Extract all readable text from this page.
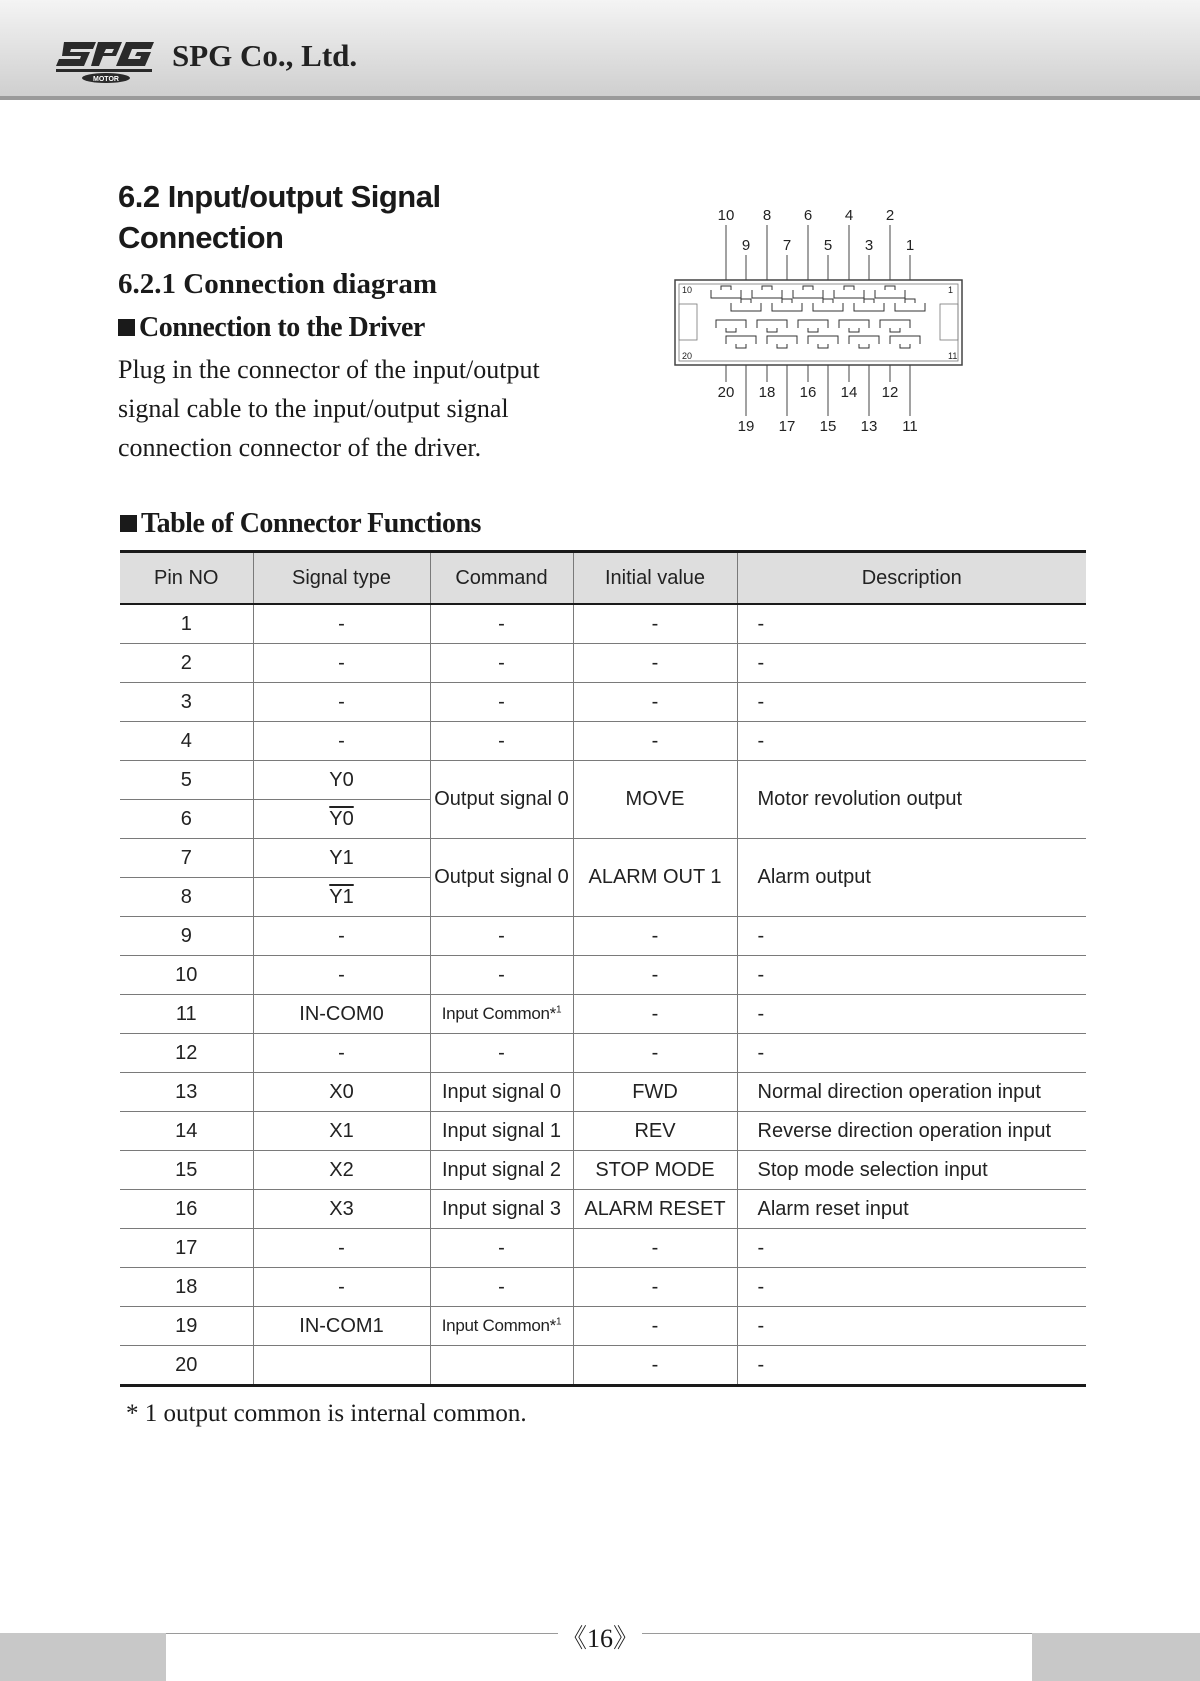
MOTOR
SPG Co., Ltd.
6.2 Input/output Signal Connection
6.2.1 Connection diagram
Connection to the Driver

Plug in the connector of the input/output signal cable to the input/output signal connection connector of the driver.

10
9
20
19
8
7
18
17
6
5
16
15
4
3
14
13
2
1
12
11
10	1
20	11
Table of Connector Functions
Pin NO	Signal type	Command	Initial value	Description
1	-	-	-	-
2	-	-	-	-
3	-	-	-	-
4	-	-	-	-
5	Y0	Output signal 0	MOVE	Motor revolution output
6	Y0			
7	Y1	Output signal 0	ALARM OUT 1	Alarm output
8	Y1			
9	-	-	-	-
10	-	-	-	-
11	IN-COM0	Input Common*$^1$	-	-
12	-	-	-	-
13	X0	Input signal 0	FWD	Normal direction operation input
14	X1	Input signal 1	REV	Reverse direction operation input
15	X2	Input signal 2	STOP MODE	Stop mode selection input
16	X3	Input signal 3	ALARM RESET	Alarm reset input
17	-	-	-	-
18	-	-	-	-
19	IN-COM1	Input Common*$^1$	-	-
20			-	-

* 1 output common is internal common.

《16》
